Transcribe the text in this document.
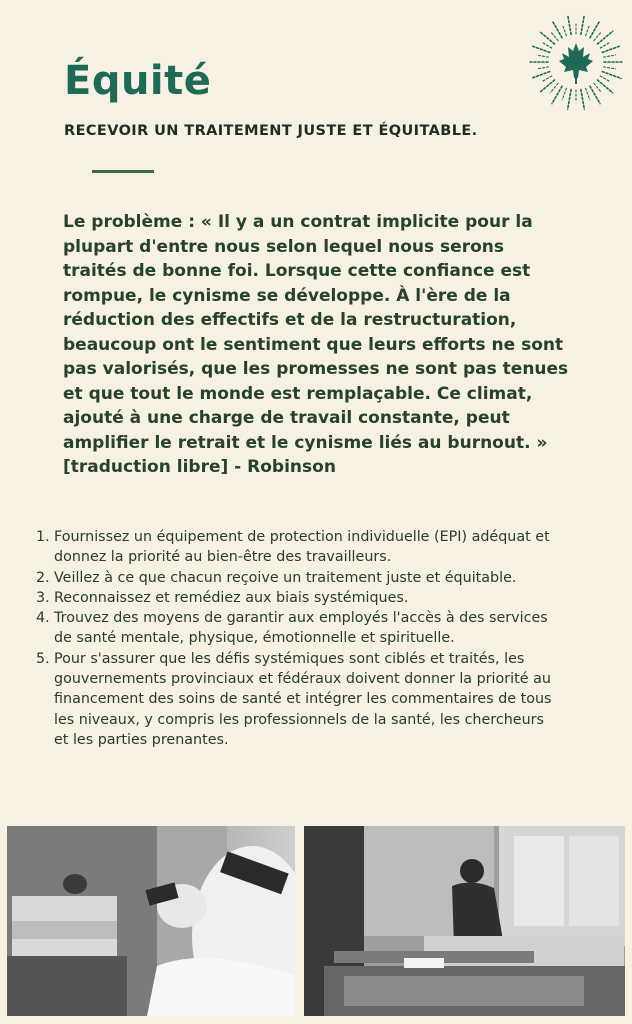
Équité
RECEVOIR UN TRAITEMENT JUSTE ET ÉQUITABLE.
Le problème : « Il y a un contrat implicite pour la
plupart d'entre nous selon lequel nous serons
traités de bonne foi. Lorsque cette confiance est
rompue, le cynisme se développe. À l'ère de la
réduction des effectifs et de la restructuration,
beaucoup ont le sentiment que leurs efforts ne sont
pas valorisés, que les promesses ne sont pas tenues
et que tout le monde est remplaçable. Ce climat,
ajouté à une charge de travail constante, peut
amplifier le retrait et le cynisme liés au burnout. »
[traduction libre] - Robinson
1. Fournissez un équipement de protection individuelle (EPI) adéquat et
donnez la priorité au bien-être des travailleurs.
2. Veillez à ce que chacun reçoive un traitement juste et équitable.
3. Reconnaissez et remédiez aux biais systémiques.
4. Trouvez des moyens de garantir aux employés l'accès à des services
de santé mentale, physique, émotionnelle et spirituelle.
5. Pour s'assurer que les défis systémiques sont ciblés et traités, les
gouvernements provinciaux et fédéraux doivent donner la priorité au
financement des soins de santé et intégrer les commentaires de tous
les niveaux, y compris les professionnels de la santé, les chercheurs
et les parties prenantes.
